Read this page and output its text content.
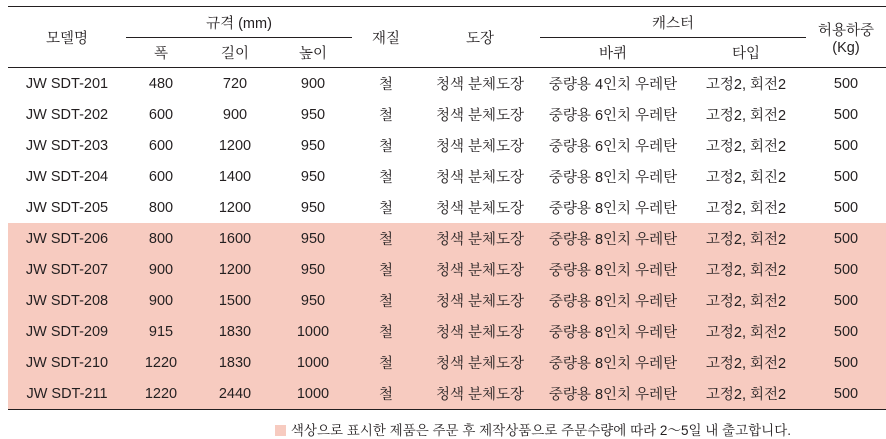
모델명	규격 (mm)			재질	도장	캐스터		허용하중
(Kg)

	폭	길이	높이			바퀴	타입	
JW SDT-201	480	720	900	철	청색 분체도장	중량용 4인치 우레탄	고정2, 회전2	500
JW SDT-202	600	900	950	철	청색 분체도장	중량용 6인치 우레탄	고정2, 회전2	500
JW SDT-203	600	1200	950	철	청색 분체도장	중량용 6인치 우레탄	고정2, 회전2	500
JW SDT-204	600	1400	950	철	청색 분체도장	중량용 8인치 우레탄	고정2, 회진2	500
JW SDT-205	800	1200	950	철	청색 분체도장	중량용 8인치 우레탄	고정2, 회전2	500
JW SDT-206	800	1600	950	철	청색 분체도장	중량용 8인치 우레탄	고정2, 회전2	500
JW SDT-207	900	1200	950	철	청색 분체도장	중량용 8인치 우레탄	고정2, 회전2	500
JW SDT-208	900	1500	950	철	청색 분체도장	중량용 8인치 우레탄	고정2, 회전2	500
JW SDT-209	915	1830	1000	철	청색 분체도장	중량용 8인치 우레탄	고정2, 회전2	500
JW SDT-210	1220	1830	1000	철	청색 분체도장	중량용 8인치 우레탄	고정2, 회전2	500
JW SDT-211	1220	2440	1000	철	청색 분체도장	중량용 8인치 우레탄	고정2, 회전2	500
색상으로 표시한 제품은 주문 후 제작상품으로 주문수량에 따라 2～5일 내 출고합니다.
